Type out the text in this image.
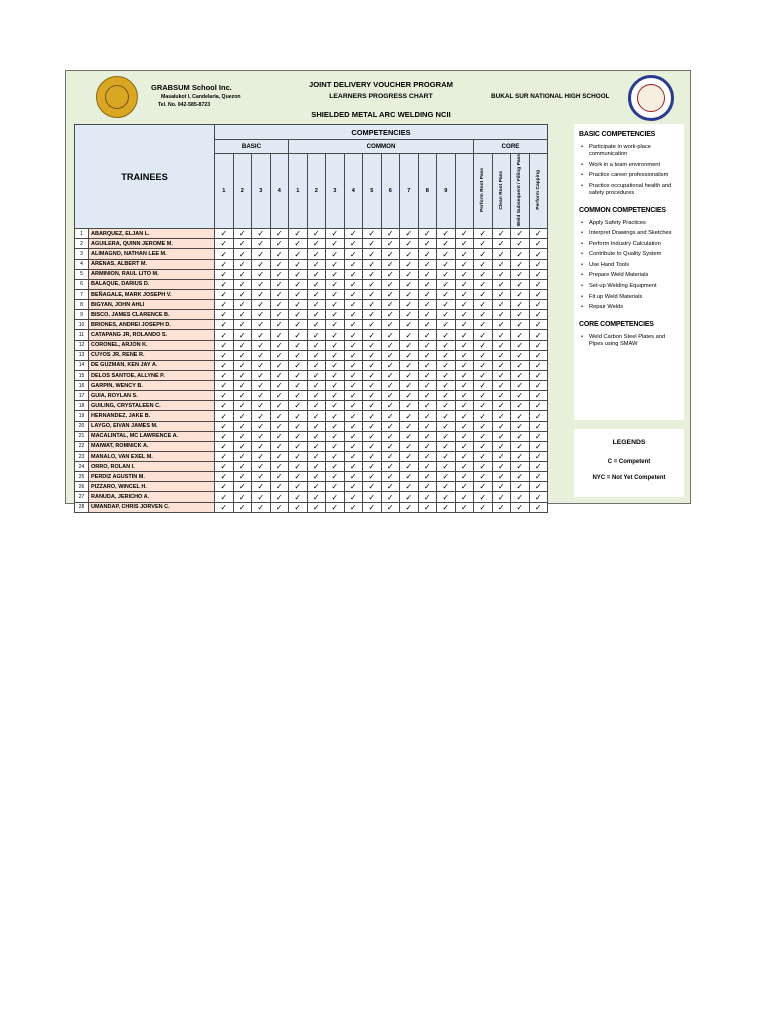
GRABSUM School Inc.
Masalukot I, Candelaria, Quezon
Tel. No. 042-585-8723
JOINT DELIVERY VOUCHER PROGRAM
LEARNERS PROGRESS CHART
SHIELDED METAL ARC WELDING NCII
BUKAL SUR NATIONAL HIGH SCHOOL
TRAINEES		COMPETENCIES																	
		BASIC				COMMON										CORE			
		1	2	3	4	1	2	3	4	5	6	7	8	9		Perform Root Pass	Clean Root Pass	Weld Subsequent / Filling Pass	Perform Capping
1	ABARQUEZ, ELJAN L.	✓	✓	✓	✓	✓	✓	✓	✓	✓	✓	✓	✓	✓	✓	✓	✓	✓	✓
2	AGUILERA, QUINN JEROME M.	✓	✓	✓	✓	✓	✓	✓	✓	✓	✓	✓	✓	✓	✓	✓	✓	✓	✓
3	ALIMAGNO, NATHAN LEE M.	✓	✓	✓	✓	✓	✓	✓	✓	✓	✓	✓	✓	✓	✓	✓	✓	✓	✓
4	ARENAS, ALBERT M.	✓	✓	✓	✓	✓	✓	✓	✓	✓	✓	✓	✓	✓	✓	✓	✓	✓	✓
5	ARMINION, RAUL LITO M.	✓	✓	✓	✓	✓	✓	✓	✓	✓	✓	✓	✓	✓	✓	✓	✓	✓	✓
6	BALAQUE, DARIUS D.	✓	✓	✓	✓	✓	✓	✓	✓	✓	✓	✓	✓	✓	✓	✓	✓	✓	✓
7	BEÑAGALE, MARK JOSEPH V.	✓	✓	✓	✓	✓	✓	✓	✓	✓	✓	✓	✓	✓	✓	✓	✓	✓	✓
8	BIGYAN, JOHN AHLI	✓	✓	✓	✓	✓	✓	✓	✓	✓	✓	✓	✓	✓	✓	✓	✓	✓	✓
9	BISCO, JAMES CLARENCE B.	✓	✓	✓	✓	✓	✓	✓	✓	✓	✓	✓	✓	✓	✓	✓	✓	✓	✓
10	BRIONES, ANDREI JOSEPH D.	✓	✓	✓	✓	✓	✓	✓	✓	✓	✓	✓	✓	✓	✓	✓	✓	✓	✓
11	CATAPANG JR, ROLANDO S.	✓	✓	✓	✓	✓	✓	✓	✓	✓	✓	✓	✓	✓	✓	✓	✓	✓	✓
12	CORONEL, ARJON K.	✓	✓	✓	✓	✓	✓	✓	✓	✓	✓	✓	✓	✓	✓	✓	✓	✓	✓
13	CUYOS JR, RENE R.	✓	✓	✓	✓	✓	✓	✓	✓	✓	✓	✓	✓	✓	✓	✓	✓	✓	✓
14	DE GUZMAN, KEN JAY A.	✓	✓	✓	✓	✓	✓	✓	✓	✓	✓	✓	✓	✓	✓	✓	✓	✓	✓
15	DELOS SANTOE, ALLYNE P.	✓	✓	✓	✓	✓	✓	✓	✓	✓	✓	✓	✓	✓	✓	✓	✓	✓	✓
16	GARPIN, WENCY B.	✓	✓	✓	✓	✓	✓	✓	✓	✓	✓	✓	✓	✓	✓	✓	✓	✓	✓
17	GUIA, ROYLAN S.	✓	✓	✓	✓	✓	✓	✓	✓	✓	✓	✓	✓	✓	✓	✓	✓	✓	✓
18	GUILING, CRYSTALEEN C.	✓	✓	✓	✓	✓	✓	✓	✓	✓	✓	✓	✓	✓	✓	✓	✓	✓	✓
19	HERNANDEZ, JAKE B.	✓	✓	✓	✓	✓	✓	✓	✓	✓	✓	✓	✓	✓	✓	✓	✓	✓	✓
20	LAYGO, EIVAN JAMES M.	✓	✓	✓	✓	✓	✓	✓	✓	✓	✓	✓	✓	✓	✓	✓	✓	✓	✓
21	MACALINTAL, MC LAWRENCE A.	✓	✓	✓	✓	✓	✓	✓	✓	✓	✓	✓	✓	✓	✓	✓	✓	✓	✓
22	MAIWAT, ROMNICK A.	✓	✓	✓	✓	✓	✓	✓	✓	✓	✓	✓	✓	✓	✓	✓	✓	✓	✓
23	MANALO, VAN EXEL M.	✓	✓	✓	✓	✓	✓	✓	✓	✓	✓	✓	✓	✓	✓	✓	✓	✓	✓
24	ORRO, ROLAN I.	✓	✓	✓	✓	✓	✓	✓	✓	✓	✓	✓	✓	✓	✓	✓	✓	✓	✓
25	PERDIZ AGUSTIN M.	✓	✓	✓	✓	✓	✓	✓	✓	✓	✓	✓	✓	✓	✓	✓	✓	✓	✓
26	PIZZARO, WINCEL H.	✓	✓	✓	✓	✓	✓	✓	✓	✓	✓	✓	✓	✓	✓	✓	✓	✓	✓
27	RANUDA, JERICHO A.	✓	✓	✓	✓	✓	✓	✓	✓	✓	✓	✓	✓	✓	✓	✓	✓	✓	✓
28	UMANDAP, CHRIS JORVEN C.	✓	✓	✓	✓	✓	✓	✓	✓	✓	✓	✓	✓	✓	✓	✓	✓	✓	✓
BASIC COMPETENCIES
• Participate in work-place communication
• Work in a team environment
• Practice career professionalism
• Practice occupational health and safety procedures
COMMON COMPETENCIES
• Apply Safety Practices
• Interpret Drawings and Sketches
• Perform Industry Calculation
• Contribute to Quality System
• Use Hand Tools
• Prepare Weld Materials
• Set-up Welding Equipment
• Fit up Weld Materials
• Repair Welds
CORE COMPETENCIES
• Weld Carbon Steel Plates and Pipes using SMAW
LEGENDS
C = Competent
NYC = Not Yet Competent
